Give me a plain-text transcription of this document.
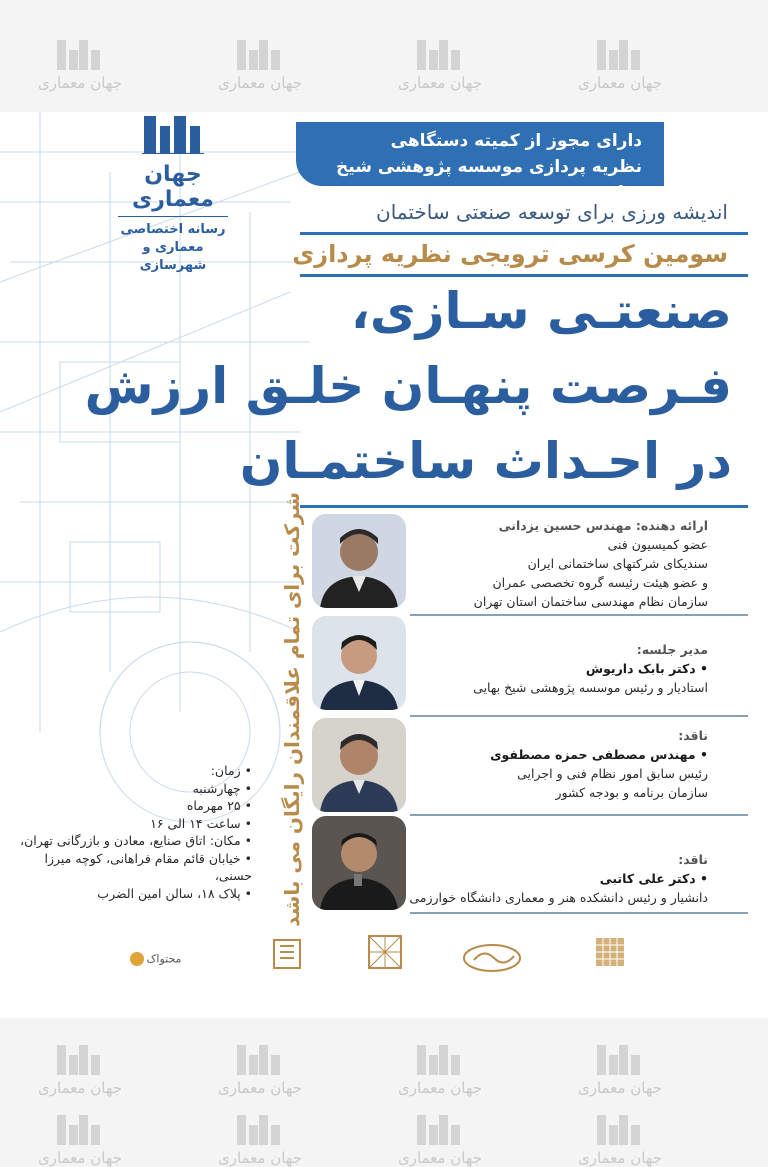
جهان معماری	جهان معماری	جهان معماری	جهان معماری
جهان معماری	جهان معماری	جهان معماری	جهان معماری
جهان معماری	جهان معماری	جهان معماری	جهان معماری
جهان معماری
رسانه اختصاصی
معماری و شهرسازی
دارای مجوز از کمیته دستگاهی
نظریه پردازی موسسه پژوهشی شیخ بهایی
اندیشه ورزی برای توسعه صنعتی ساختمان
سومین کرسی ترویجی نظریه پردازی
صنعتـی سـازی،
فـرصت پنهـان خلـق ارزش
در احـداث ساختمـان
ارائه دهنده: مهندس حسین یزدانی
عضو کمیسیون فنی
سندیکای شرکتهای ساختمانی ایران
و عضو هیئت رئیسه گروه تخصصی عمران
سازمان نظام مهندسی ساختمان استان تهران
مدیر جلسه:
• دکتر بابک داریوش
استادیار و رئیس موسسه پژوهشی شیخ بهایی
ناقد:
• مهندس مصطفی حمزه مصطفوی
رئیس سابق امور نظام فنی و اجرایی
سازمان برنامه و بودجه کشور
ناقد:
• دکتر علی کاتبی
دانشیار و رئیس دانشکده هنر و معماری دانشگاه خوارزمی
شرکت برای تمام علاقمندان رایگان می باشد
• زمان:
• چهارشنبه
• ۲۵ مهرماه
• ساعت ۱۴ الی ۱۶
• مکان: اتاق صنایع، معادن و بازرگانی تهران،
• خیابان قائم مقام فراهانی، کوچه میرزا حسنی،
• پلاک ۱۸، سالن امین الضرب
محتواک
